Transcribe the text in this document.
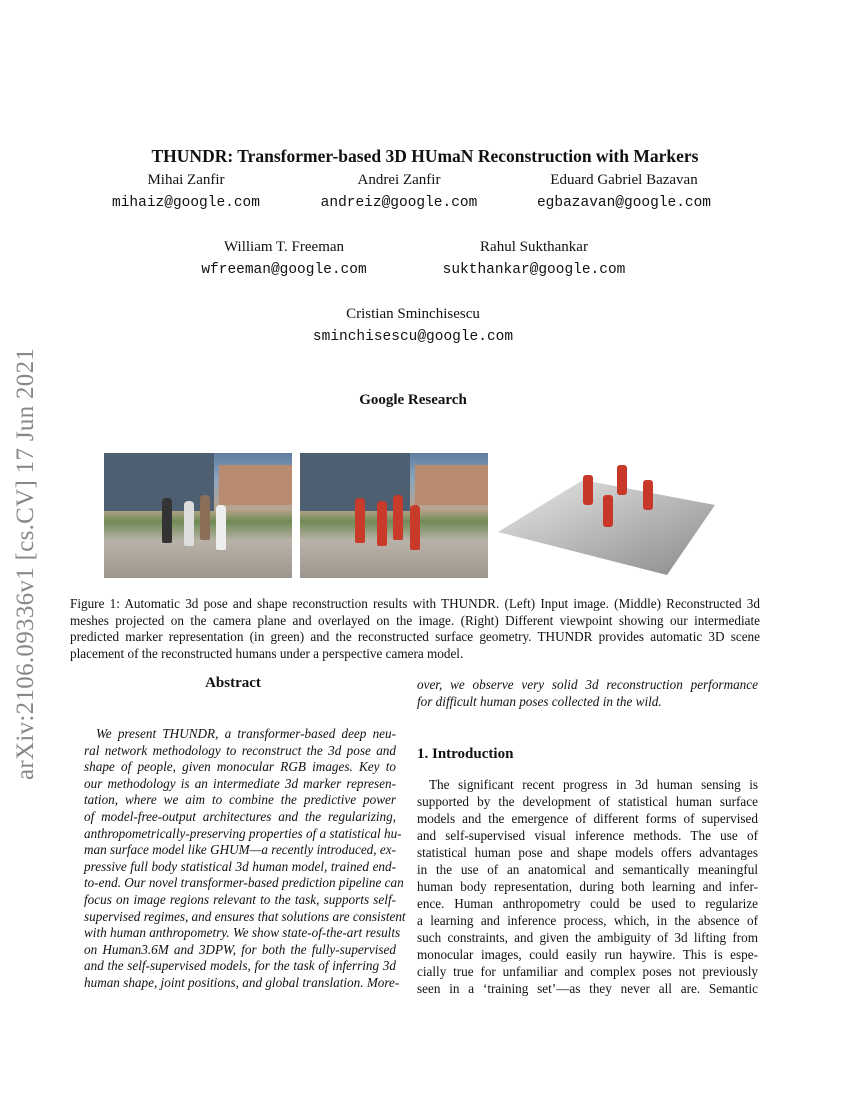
arXiv:2106.09336v1 [cs.CV] 17 Jun 2021
THUNDR: Transformer-based 3D HUmaN Reconstruction with Markers
Mihai Zanfir
mihaiz@google.com
Andrei Zanfir
andreiz@google.com
Eduard Gabriel Bazavan
egbazavan@google.com
William T. Freeman
wfreeman@google.com
Rahul Sukthankar
sukthankar@google.com
Cristian Sminchisescu
sminchisescu@google.com
Google Research
Figure 1: Automatic 3d pose and shape reconstruction results with THUNDR. (Left) Input image. (Middle) Reconstructed 3d
meshes projected on the camera plane and overlayed on the image. (Right) Different viewpoint showing our intermediate
predicted marker representation (in green) and the reconstructed surface geometry. THUNDR provides automatic 3D scene
placement of the reconstructed humans under a perspective camera model.
Abstract
We present THUNDR, a transformer-based deep neu-
ral network methodology to reconstruct the 3d pose and
shape of people, given monocular RGB images. Key to
our methodology is an intermediate 3d marker represen-
tation, where we aim to combine the predictive power
of model-free-output architectures and the regularizing,
anthropometrically-preserving properties of a statistical hu-
man surface model like GHUM—a recently introduced, ex-
pressive full body statistical 3d human model, trained end-
to-end. Our novel transformer-based prediction pipeline can
focus on image regions relevant to the task, supports self-
supervised regimes, and ensures that solutions are consistent
with human anthropometry. We show state-of-the-art results
on Human3.6M and 3DPW, for both the fully-supervised
and the self-supervised models, for the task of inferring 3d
human shape, joint positions, and global translation. More-
over, we observe very solid 3d reconstruction performance
for difficult human poses collected in the wild.
1. Introduction
The significant recent progress in 3d human sensing is
supported by the development of statistical human surface
models and the emergence of different forms of supervised
and self-supervised visual inference methods. The use of
statistical human pose and shape models offers advantages
in the use of an anatomical and semantically meaningful
human body representation, during both learning and infer-
ence. Human anthropometry could be used to regularize
a learning and inference process, which, in the absence of
such constraints, and given the ambiguity of 3d lifting from
monocular images, could easily run haywire. This is espe-
cially true for unfamiliar and complex poses not previously
seen in a ‘training set’—as they never all are. Semantic
